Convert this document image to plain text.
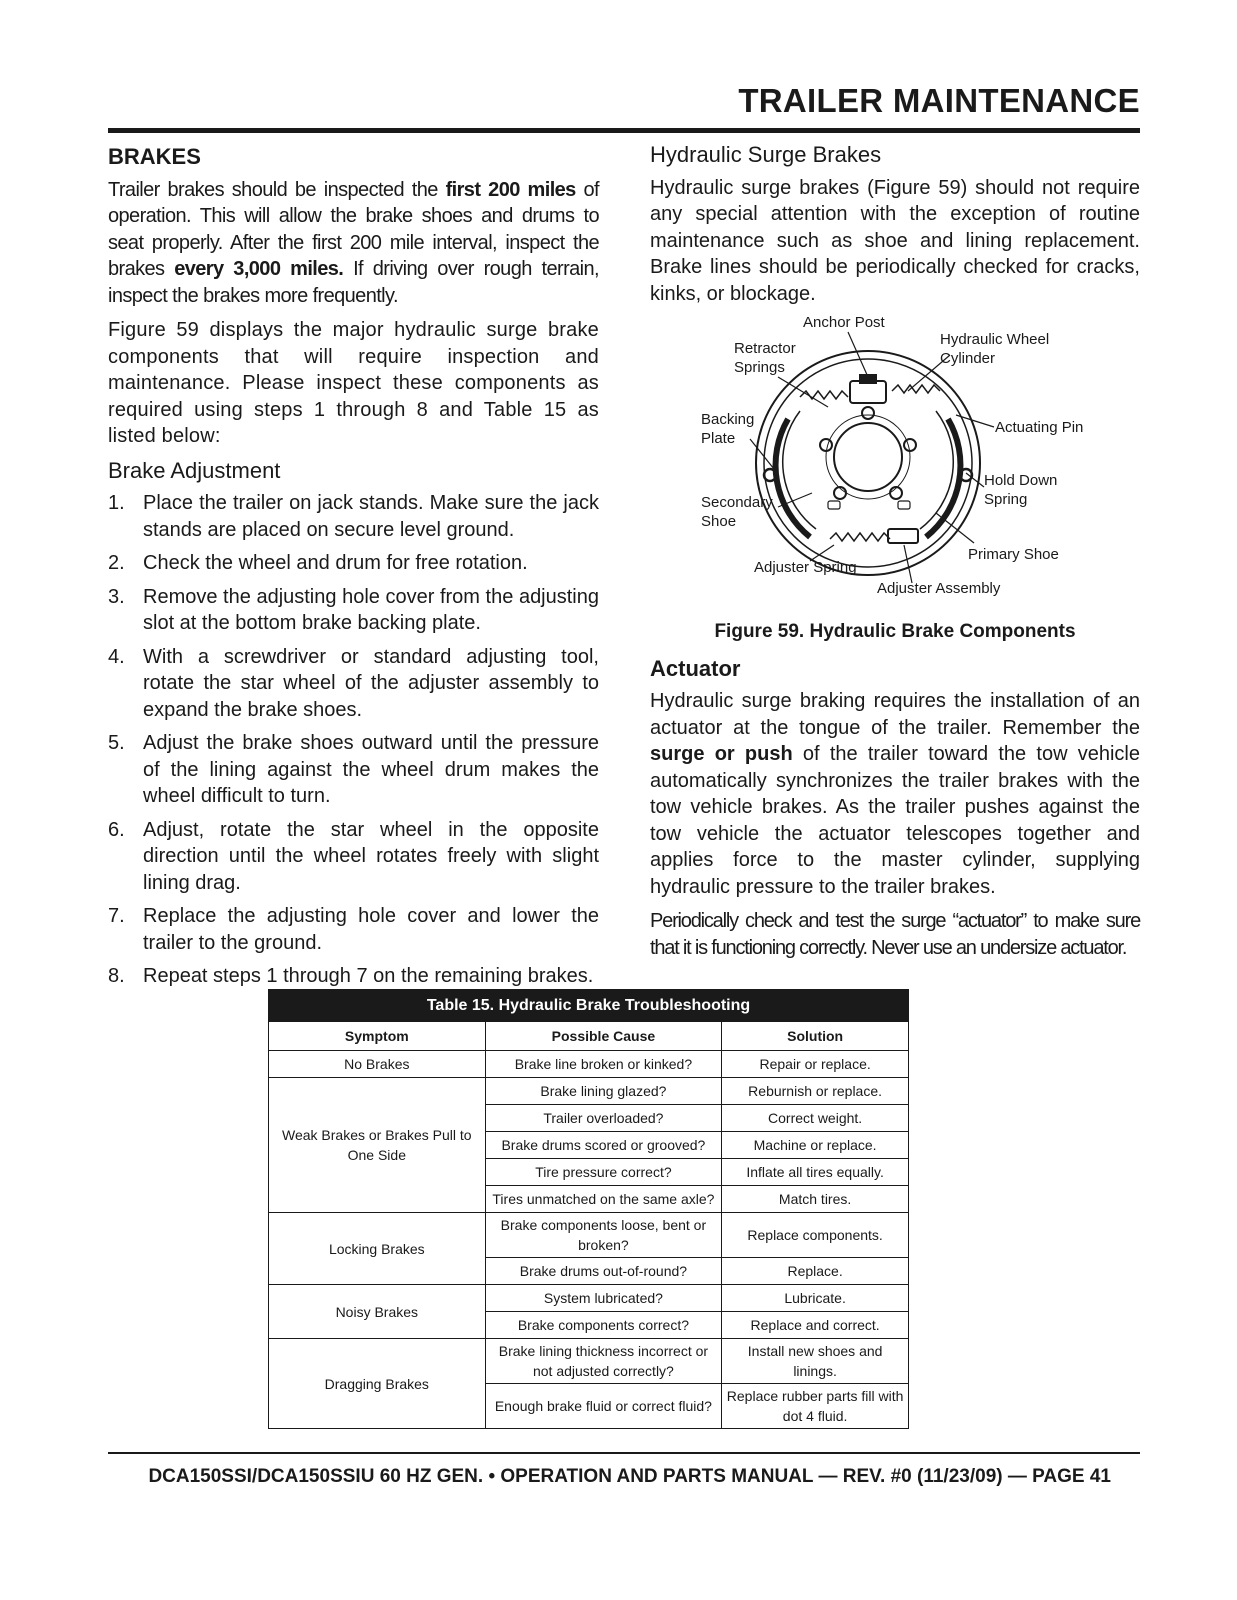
TRAILER MAINTENANCE
BRAKES

Trailer brakes should be inspected the first 200 miles of operation. This will allow the brake shoes and drums to seat properly. After the first 200 mile interval, inspect the brakes every 3,000 miles. If driving over rough terrain, inspect the brakes more frequently.

Figure 59 displays the major hydraulic surge brake components that will require inspection and maintenance. Please inspect these components as required using steps 1 through 8 and Table 15 as listed below:

Brake Adjustment
1. Place the trailer on jack stands. Make sure the jack stands are placed on secure level ground.
2. Check the wheel and drum for free rotation.
3. Remove the adjusting hole cover from the adjusting slot at the bottom brake backing plate.
4. With a screwdriver or standard adjusting tool, rotate the star wheel of the adjuster assembly to expand the brake shoes.
5. Adjust the brake shoes outward until the pressure of the lining against the wheel drum makes the wheel difficult to turn.
6. Adjust, rotate the star wheel in the opposite direction until the wheel rotates freely with slight lining drag.
7. Replace the adjusting hole cover and lower the trailer to the ground.
8. Repeat steps 1 through 7 on the remaining brakes.
Hydraulic Surge Brakes

Hydraulic surge brakes (Figure 59) should not require any special attention with the exception of routine maintenance such as shoe and lining replacement. Brake lines should be periodically checked for cracks, kinks, or blockage.

Anchor Post
Retractor
Springs
Hydraulic Wheel
Cylinder
Backing
Plate
Actuating Pin
Hold Down
Spring
Secondary
Shoe
Primary Shoe
Adjuster Spring
Adjuster Assembly
Figure 59. Hydraulic Brake Components
Actuator

Hydraulic surge braking requires the installation of an actuator at the tongue of the trailer. Remember the surge or push of the trailer toward the tow vehicle automatically synchronizes the trailer brakes with the tow vehicle brakes. As the trailer pushes against the tow vehicle the actuator telescopes together and applies force to the master cylinder, supplying hydraulic pressure to the trailer brakes.

Periodically check and test the surge “actuator” to make sure that it is functioning correctly. Never use an undersize actuator.

Table 15. Hydraulic Brake Troubleshooting		
Symptom	Possible Cause	Solution
No Brakes	Brake line broken or kinked?	Repair or replace.
Weak Brakes or Brakes Pull to One Side	Brake lining glazed?	Reburnish or replace.
	Trailer overloaded?	Correct weight.
	Brake drums scored or grooved?	Machine or replace.
	Tire pressure correct?	Inflate all tires equally.
	Tires unmatched on the same axle?	Match tires.
Locking Brakes	Brake components loose, bent or broken?	Replace components.
	Brake drums out-of-round?	Replace.
Noisy Brakes	System lubricated?	Lubricate.
	Brake components correct?	Replace and correct.
Dragging Brakes	Brake lining thickness incorrect or not adjusted correctly?	Install new shoes and linings.
	Enough brake fluid or correct fluid?	Replace rubber parts fill with dot 4 fluid.
DCA150SSI/DCA150SSIU 60 HZ GEN. • OPERATION AND PARTS MANUAL — REV. #0 (11/23/09) — PAGE 41
